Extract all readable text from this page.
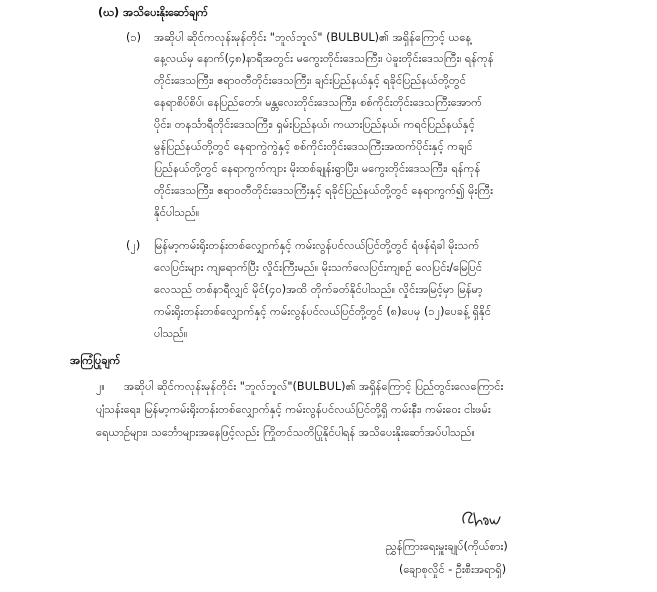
(ဃ) အသိပေးနိုးဆော်ချက်
(၁) အဆိုပါ ဆိုင်ကလုန်းမုန်တိုင်း "ဘူလ်ဘူလ်" (BULBUL)၏ အရှိန်ကြောင့် ယနေ့
နေ့လယ်မှ နောက်(၄၈)နာရီအတွင်း မကွေးတိုင်းဒေသကြီး၊ ပဲခူးတိုင်းဒေသကြီး၊ ရန်ကုန်
တိုင်းဒေသကြီး၊ ဧရာဝတီတိုင်းဒေသကြီး၊ ချင်းပြည်နယ်နှင့် ရခိုင်ပြည်နယ်တို့တွင်
နေရာစိပ်စိပ်၊ နေပြည်တော်၊ မန္တလေးတိုင်းဒေသကြီး၊ စစ်ကိုင်းတိုင်းဒေသကြီးအောက်
ပိုင်း၊ တနင်္သာရီတိုင်းဒေသကြီး၊ ရှမ်းပြည်နယ်၊ ကယားပြည်နယ်၊ ကရင်ပြည်နယ်နှင့်
မွန်ပြည်နယ်တို့တွင် နေရာကွဲကွဲနှင့် စစ်ကိုင်းတိုင်းဒေသကြီးအထက်ပိုင်းနှင့် ကချင်
ပြည်နယ်တို့တွင် နေရာကွက်ကျား မိုးထစ်ချုန်းရွာပြီး၊ မကွေးတိုင်းဒေသကြီး၊ ရန်ကုန်
တိုင်းဒေသကြီး၊ ဧရာဝတီတိုင်းဒေသကြီးနှင့် ရခိုင်ပြည်နယ်တို့တွင် နေရာကွက်၍ မိုးကြီး
နိုင်ပါသည်။
(၂) မြန်မာ့ကမ်းရိုးတန်းတစ်လျှောက်နှင့် ကမ်းလွန်ပင်လယ်ပြင်တို့တွင် ရံဖန်ရံခါ မိုးသက်
လေပြင်းများ ကျရောက်ပြီး လှိုင်းကြီးမည်။ မိုးသက်လေပြင်းကျစဉ် လေပြင်း/မြေပြင်
လေသည် တစ်နာရီလျှင် မိုင်(၄၀)အထိ တိုက်ခတ်နိုင်ပါသည်။ လှိုင်းအမြင့်မှာ မြန်မာ့
ကမ်းရိုးတန်းတစ်လျှောက်နှင့် ကမ်းလွန်ပင်လယ်ပြင်တို့တွင် (၈)ပေမှ (၁၂)ပေခန့် ရှိနိုင်
ပါသည်။
အကြံပြုချက်
၂။ အဆိုပါ ဆိုင်ကလုန်းမုန်တိုင်း "ဘူလ်ဘူလ်"(BULBUL)၏ အရှိန်ကြောင့် ပြည်တွင်းလေကြောင်း
ပျံသန်းရေး၊ မြန်မာ့ကမ်းရိုးတန်းတစ်လျှောက်နှင့် ကမ်းလွန်ပင်လယ်ပြင်တို့ရှိ ကမ်းနီး၊ ကမ်းဝေး ငါးဖမ်း
ရေယာဉ်များ၊ သင်္ဘောများအနေဖြင့်လည်း ကြိုတင်သတိပြုနိုင်ပါရန် အသိပေးနိုးဆော်အပ်ပါသည်။
ညွှန်ကြားရေးမှူးချုပ်(ကိုယ်စား)
(ချောစုလှိုင် - ဦးစီးအရာရှိ)
